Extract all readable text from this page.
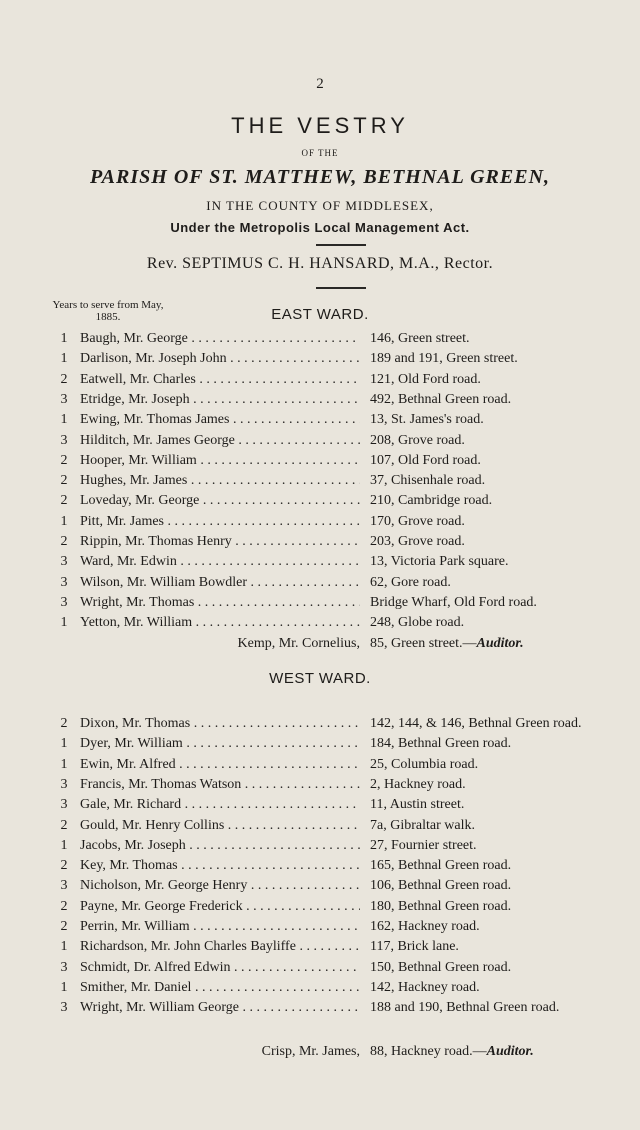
2
THE VESTRY
OF THE
PARISH OF ST. MATTHEW, BETHNAL GREEN,
IN THE COUNTY OF MIDDLESEX,
Under the Metropolis Local Management Act.
Rev. SEPTIMUS C. H. HANSARD, M.A., Rector.
Years to serve from May, 1885.	EAST WARD.
1 Baugh, Mr. George . . .	146, Green street.
1 Darlison, Mr. Joseph John . . .	189 and 191, Green street.
2 Eatwell, Mr. Charles . . .	121, Old Ford road.
3 Etridge, Mr. Joseph . . .	492, Bethnal Green road.
1 Ewing, Mr. Thomas James . . .	13, St. James's road.
3 Hilditch, Mr. James George . . .	208, Grove road.
2 Hooper, Mr. William . . .	107, Old Ford road.
2 Hughes, Mr. James . . .	37, Chisenhale road.
2 Loveday, Mr. George . . .	210, Cambridge road.
1 Pitt, Mr. James . . .	170, Grove road.
2 Rippin, Mr. Thomas Henry . . .	203, Grove road.
3 Ward, Mr. Edwin . . .	13, Victoria Park square.
3 Wilson, Mr. William Bowdler . . .	62, Gore road.
3 Wright, Mr. Thomas . . .	Bridge Wharf, Old Ford road.
1 Yetton, Mr. William . . .	248, Globe road.
Kemp, Mr. Cornelius, 85, Green street.—Auditor.
WEST WARD.
2 Dixon, Mr. Thomas . . .	142, 144, & 146, Bethnal Green road.
1 Dyer, Mr. William . . .	184, Bethnal Green road.
1 Ewin, Mr. Alfred . . .	25, Columbia road.
3 Francis, Mr. Thomas Watson . . .	2, Hackney road.
3 Gale, Mr. Richard . . .	11, Austin street.
2 Gould, Mr. Henry Collins . . .	7a, Gibraltar walk.
1 Jacobs, Mr. Joseph . . .	27, Fournier street.
2 Key, Mr. Thomas . . .	165, Bethnal Green road.
3 Nicholson, Mr. George Henry . . .	106, Bethnal Green road.
2 Payne, Mr. George Frederick . . .	180, Bethnal Green road.
2 Perrin, Mr. William . . .	162, Hackney road.
1 Richardson, Mr. John Charles Bayliffe . . .	117, Brick lane.
3 Schmidt, Dr. Alfred Edwin . . .	150, Bethnal Green road.
1 Smither, Mr. Daniel . . .	142, Hackney road.
3 Wright, Mr. William George . . .	188 and 190, Bethnal Green road.
Crisp, Mr. James, 88, Hackney road.—Auditor.
